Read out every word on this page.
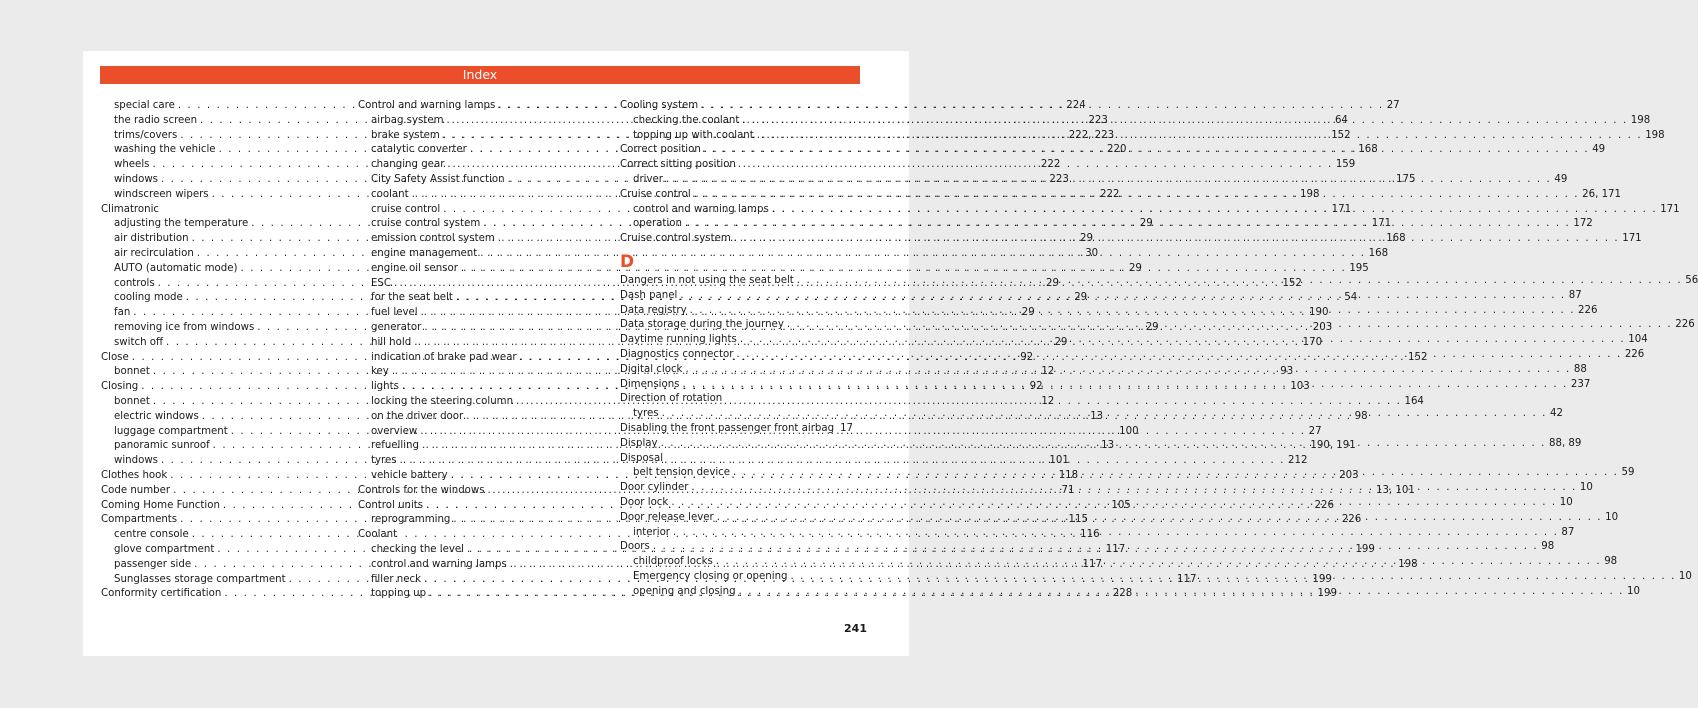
Index
special care . . .	224
the radio screen . . .	223
trims/covers . . .	222, 223
washing the vehicle . . .	220
wheels . . .	222
windows . . .	223
windscreen wipers . . .	222
Climatronic
adjusting the temperature . . .	29
air distribution . . .	29
air recirculation . . .	30
AUTO (automatic mode) . . .	29
controls . . .	29
cooling mode . . .	29
fan . . .	29
removing ice from windows . . .	29
switch off . . .	29
Close . . .	92
bonnet . . .	12
Closing . . .	92
bonnet . . .	12
electric windows . . .	13
luggage compartment . . .	100
panoramic sunroof . . .	13
windows . . .	101
Clothes hook . . .	118
Code number . . .	71
Coming Home Function . . .	105
Compartments . . .	115
centre console . . .	116
glove compartment . . .	117
passenger side . . .	117
Sunglasses storage compartment . . .	117
Conformity certification . . .	228
Control and warning lamps . . .	27
airbag system . . .	64
brake system . . .	152
catalytic converter . . .	168
changing gear . . .	159
City Safety Assist function . . .	175
coolant . . .	198
cruise control . . .	171
cruise control system . . .	171
emission control system . . .	168
engine management . . .	168
engine oil sensor . . .	195
ESC . . .	152
for the seat belt . . .	54
fuel level . . .	190
generator . . .	203
hill hold . . .	170
indication of brake pad wear . . .	152
key . . .	93
lights . . .	103
locking the steering column . . .	164
on the driver door . . .	98
overview . . .	27
refuelling . . .	190, 191
tyres . . .	212
vehicle battery . . .	203
Controls for the windows . . .	13, 101
Control units . . .	226
reprogramming . . .	226
Coolant
checking the level . . .	199
control and warning lamps . . .	198
filler neck . . .	199
topping up . . .	199
Cooling system
checking the coolant . . .	198
topping up with coolant . . .	198
Correct position . . .	49
Correct sitting position
driver . . .	49
Cruise control . . .	26, 171
control and warning lamps . . .	171
operation . . .	172
Cruise control system . . .	171
D
Dangers in not using the seat belt . . .	56
Dash panel . . .	87
Data registry . . .	226
Data storage during the journey . . .	226
Daytime running lights . . .	104
Diagnostics connector . . .	226
Digital clock . . .	88
Dimensions . . .	237
Direction of rotation
tyres . . .	42
Disabling the front passenger front airbag 17
Display . . .	88, 89
Disposal
belt tension device . . .	59
Door cylinder . . .	10
Door lock . . .	10
Door release lever . . .	10
interior . . .	87
Doors . . .	98
childproof locks . . .	98
Emergency closing or opening . . .	10
opening and closing . . .	10
241
